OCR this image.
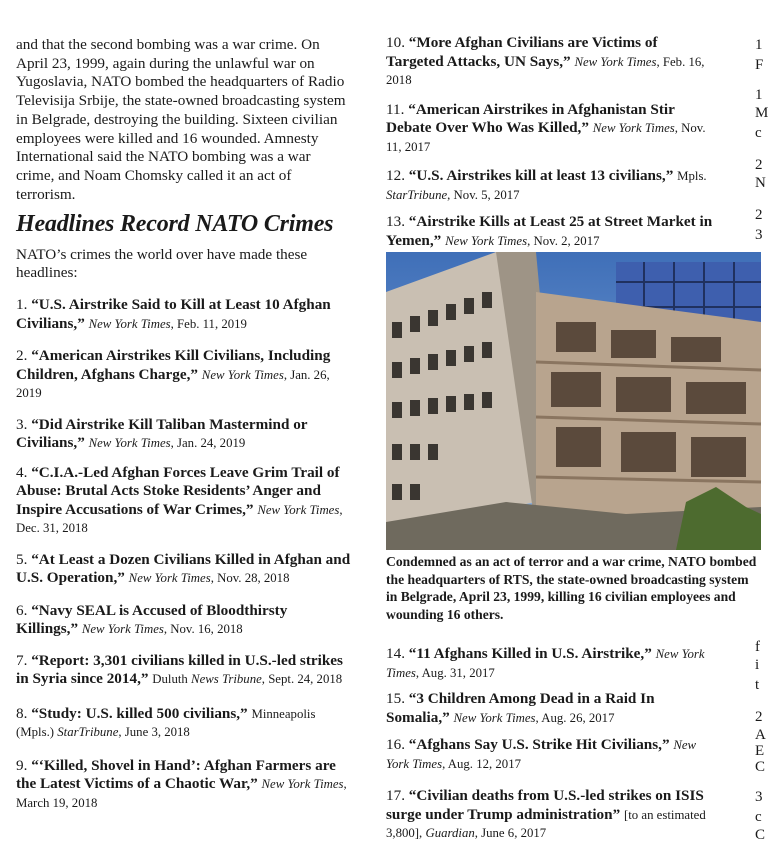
and that the second bombing was a war crime. On April 23, 1999, again during the unlawful war on Yugoslavia, NATO bombed the headquarters of Radio Televisija Srbije, the state-owned broadcasting system in Belgrade, destroying the building. Sixteen civilian employees were killed and 16 wounded. Amnesty International said the NATO bombing was a war crime, and Noam Chomsky called it an act of terrorism.

Headlines Record NATO Crimes

NATO’s crimes the world over have made these headlines:

1. “U.S. Airstrike Said to Kill at Least 10 Afghan Civilians,” New York Times, Feb. 11, 2019

2. “American Airstrikes Kill Civilians, Including Children, Afghans Charge,” New York Times, Jan. 26, 2019

3. “Did Airstrike Kill Taliban Mastermind or Civilians,” New York Times, Jan. 24, 2019

4. “C.I.A.-Led Afghan Forces Leave Grim Trail of Abuse: Brutal Acts Stoke Residents’ Anger and Inspire Accusations of War Crimes,” New York Times, Dec. 31, 2018

5. “At Least a Dozen Civilians Killed in Afghan and U.S. Operation,” New York Times, Nov. 28, 2018

6. “Navy SEAL is Accused of Bloodthirsty Killings,” New York Times, Nov. 16, 2018

7. “Report: 3,301 civilians killed in U.S.-led strikes in Syria since 2014,” Duluth News Tribune, Sept. 24, 2018

8. “Study: U.S. killed 500 civilians,” Minneapolis (Mpls.) StarTribune, June 3, 2018

9. “‘Killed, Shovel in Hand’: Afghan Farmers are the Latest Victims of a Chaotic War,” New York Times, March 19, 2018

10. “More Afghan Civilians are Victims of Targeted Attacks, UN Says,” New York Times, Feb. 16, 2018

11. “American Airstrikes in Afghanistan Stir Debate Over Who Was Killed,” New York Times, Nov. 11, 2017

12. “U.S. Airstrikes kill at least 13 civilians,” Mpls. StarTribune, Nov. 5, 2017

13. “Airstrike Kills at Least 25 at Street Market in Yemen,” New York Times, Nov. 2, 2017

Condemned as an act of terror and a war crime, NATO bombed the headquarters of RTS, the state-owned broadcasting system in Belgrade, April 23, 1999, killing 16 civilian employees and wounding 16 others.

14. “11 Afghans Killed in U.S. Airstrike,” New York Times, Aug. 31, 2017

15. “3 Children Among Dead in a Raid In Somalia,” New York Times, Aug. 26, 2017

16. “Afghans Say U.S. Strike Hit Civilians,” New York Times, Aug. 12, 2017

17. “Civilian deaths from U.S.-led strikes on ISIS surge under Trump administration” [to an estimated 3,800], Guardian, June 6, 2017

1
F
1
M
c
2
N
2
3
f
i
t
2
A
E
C
3
c
C
